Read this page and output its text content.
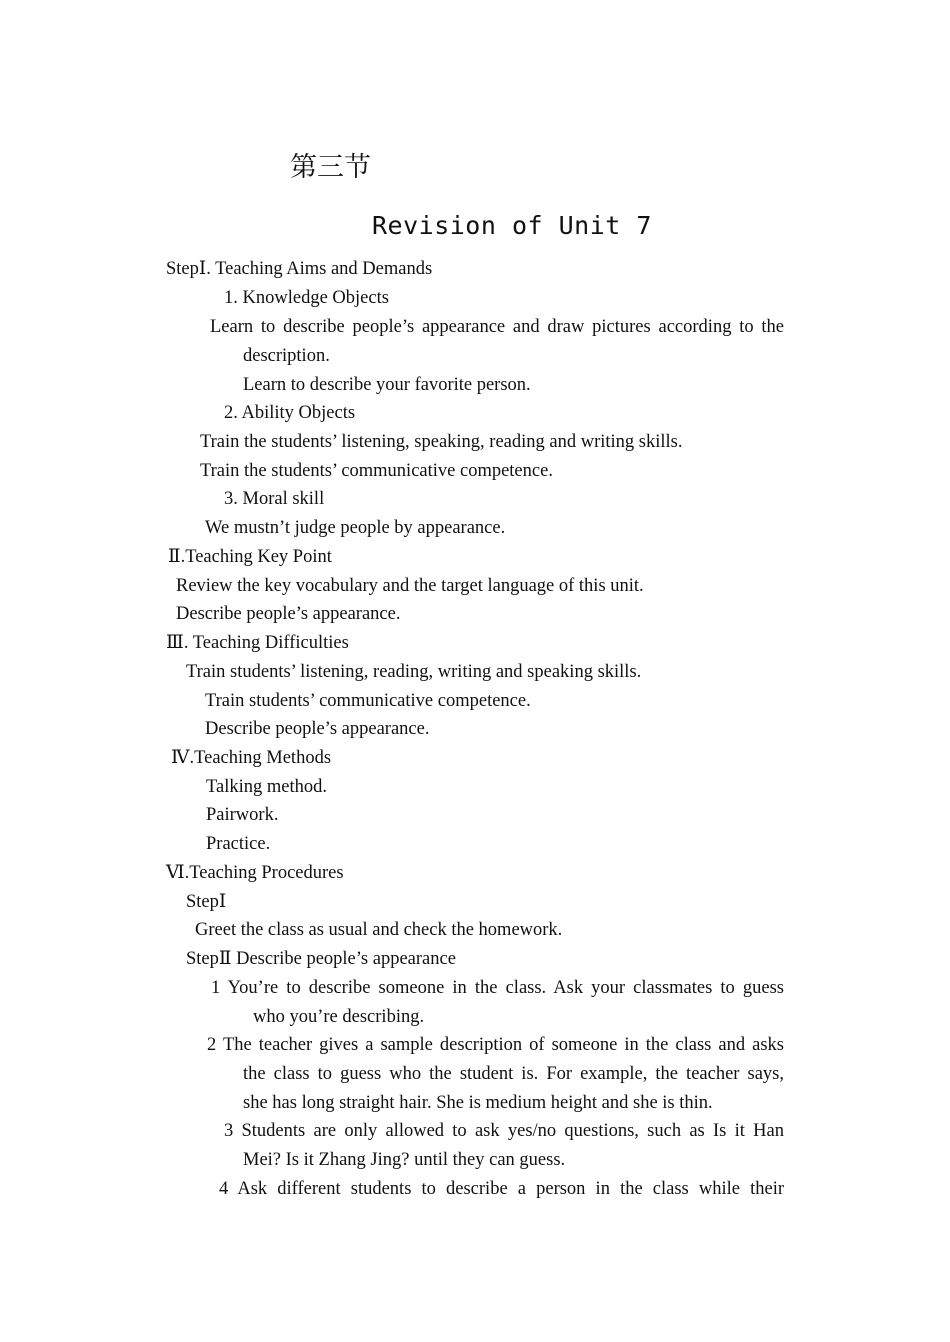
第三节
Revision of Unit 7

StepⅠ. Teaching Aims and Demands

1. Knowledge Objects

Learn to describe people’s appearance and draw pictures according to the

description.

Learn to describe your favorite person.

2. Ability Objects

Train the students’ listening, speaking, reading and writing skills.

Train the students’ communicative competence.

3. Moral skill

We mustn’t judge people by appearance.

Ⅱ.Teaching Key Point

Review the key vocabulary and the target language of this unit.

Describe people’s appearance.

Ⅲ. Teaching Difficulties

Train students’ listening, reading, writing and speaking skills.

Train students’ communicative competence.

Describe people’s appearance.

Ⅳ.Teaching Methods

Talking method.

Pairwork.

Practice.

Ⅵ.Teaching Procedures

StepⅠ

Greet the class as usual and check the homework.

StepⅡ Describe people’s appearance

1 You’re to describe someone in the class. Ask your classmates to guess

who you’re describing.

2 The teacher gives a sample description of someone in the class and asks

the class to guess who the student is. For example, the teacher says,

she has long straight hair. She is medium height and she is thin.

3 Students are only allowed to ask yes/no questions, such as Is it Han

Mei? Is it Zhang Jing? until they can guess.

4 Ask different students to describe a person in the class while their
